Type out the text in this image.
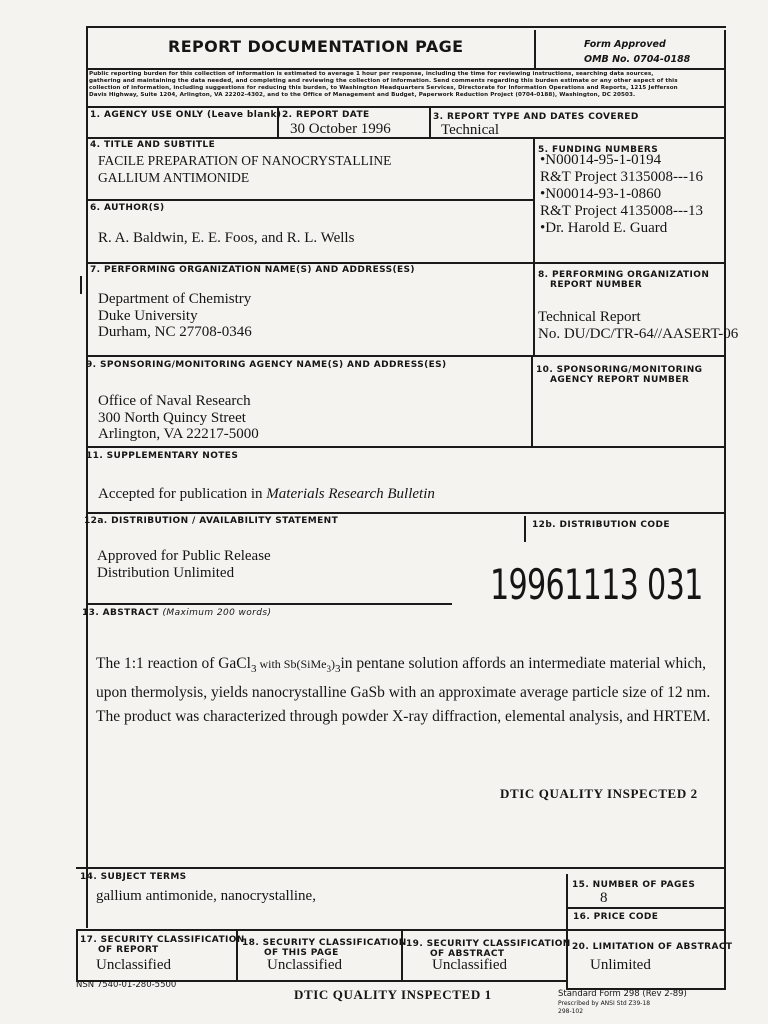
REPORT DOCUMENTATION PAGE	Form Approved
OMB No. 0704-0188
Public reporting burden for this collection of information is estimated to average 1 hour per response, including the time for reviewing instructions, searching data sources,
gathering and maintaining the data needed, and completing and reviewing the collection of information. Send comments regarding this burden estimate or any other aspect of this
collection of information, including suggestions for reducing this burden, to Washington Headquarters Services, Directorate for Information Operations and Reports, 1215 Jefferson
Davis Highway, Suite 1204, Arlington, VA 22202-4302, and to the Office of Management and Budget, Paperwork Reduction Project (0704-0188), Washington, DC 20503.
1. AGENCY USE ONLY (Leave blank) 2. REPORT DATE
30 October 1996
3. REPORT TYPE AND DATES COVERED
Technical
4. TITLE AND SUBTITLE
FACILE PREPARATION OF NANOCRYSTALLINE
GALLIUM ANTIMONIDE
5. FUNDING NUMBERS
•N00014-95-1-0194
R&T Project 3135008---16
•N00014-93-1-0860
R&T Project 4135008---13
•Dr. Harold E. Guard
6. AUTHOR(S)
R. A. Baldwin, E. E. Foos, and R. L. Wells
7. PERFORMING ORGANIZATION NAME(S) AND ADDRESS(ES)
Department of Chemistry
Duke University
Durham, NC 27708-0346
8. PERFORMING ORGANIZATION
REPORT NUMBER
Technical Report
No. DU/DC/TR-64//AASERT-06
9. SPONSORING/MONITORING AGENCY NAME(S) AND ADDRESS(ES)
Office of Naval Research
300 North Quincy Street
Arlington, VA 22217-5000
10. SPONSORING/MONITORING
AGENCY REPORT NUMBER
11. SUPPLEMENTARY NOTES
Accepted for publication in Materials Research Bulletin
12a. DISTRIBUTION / AVAILABILITY STATEMENT	12b. DISTRIBUTION CODE
Approved for Public Release
Distribution Unlimited	19961113 031
13. ABSTRACT (Maximum 200 words)
The 1:1 reaction of GaCl$_3$ with $Sb(SiMe_3)_3in$ pentane solution affords an intermediate material which,
upon thermolysis, yields nanocrystalline GaSb with an approximate average particle size of 12 nm.
The product was characterized through powder X-ray diffraction, elemental analysis, and HRTEM.
DTIC QUALITY INSPECTED 2
14. SUBJECT TERMS
gallium antimonide, nanocrystalline,
15. NUMBER OF PAGES
8
16. PRICE CODE
17. SECURITY CLASSIFICATION
OF REPORT
Unclassified
18. SECURITY CLASSIFICATION
OF THIS PAGE
Unclassified
19. SECURITY CLASSIFICATION
OF ABSTRACT
Unclassified
20. LIMITATION OF ABSTRACT
Unlimited
NSN 7540-01-280-5500
DTIC QUALITY INSPECTED 1	Standard Form 298 (Rev 2-89)
Prescribed by ANSI Std Z39-18
298-102
